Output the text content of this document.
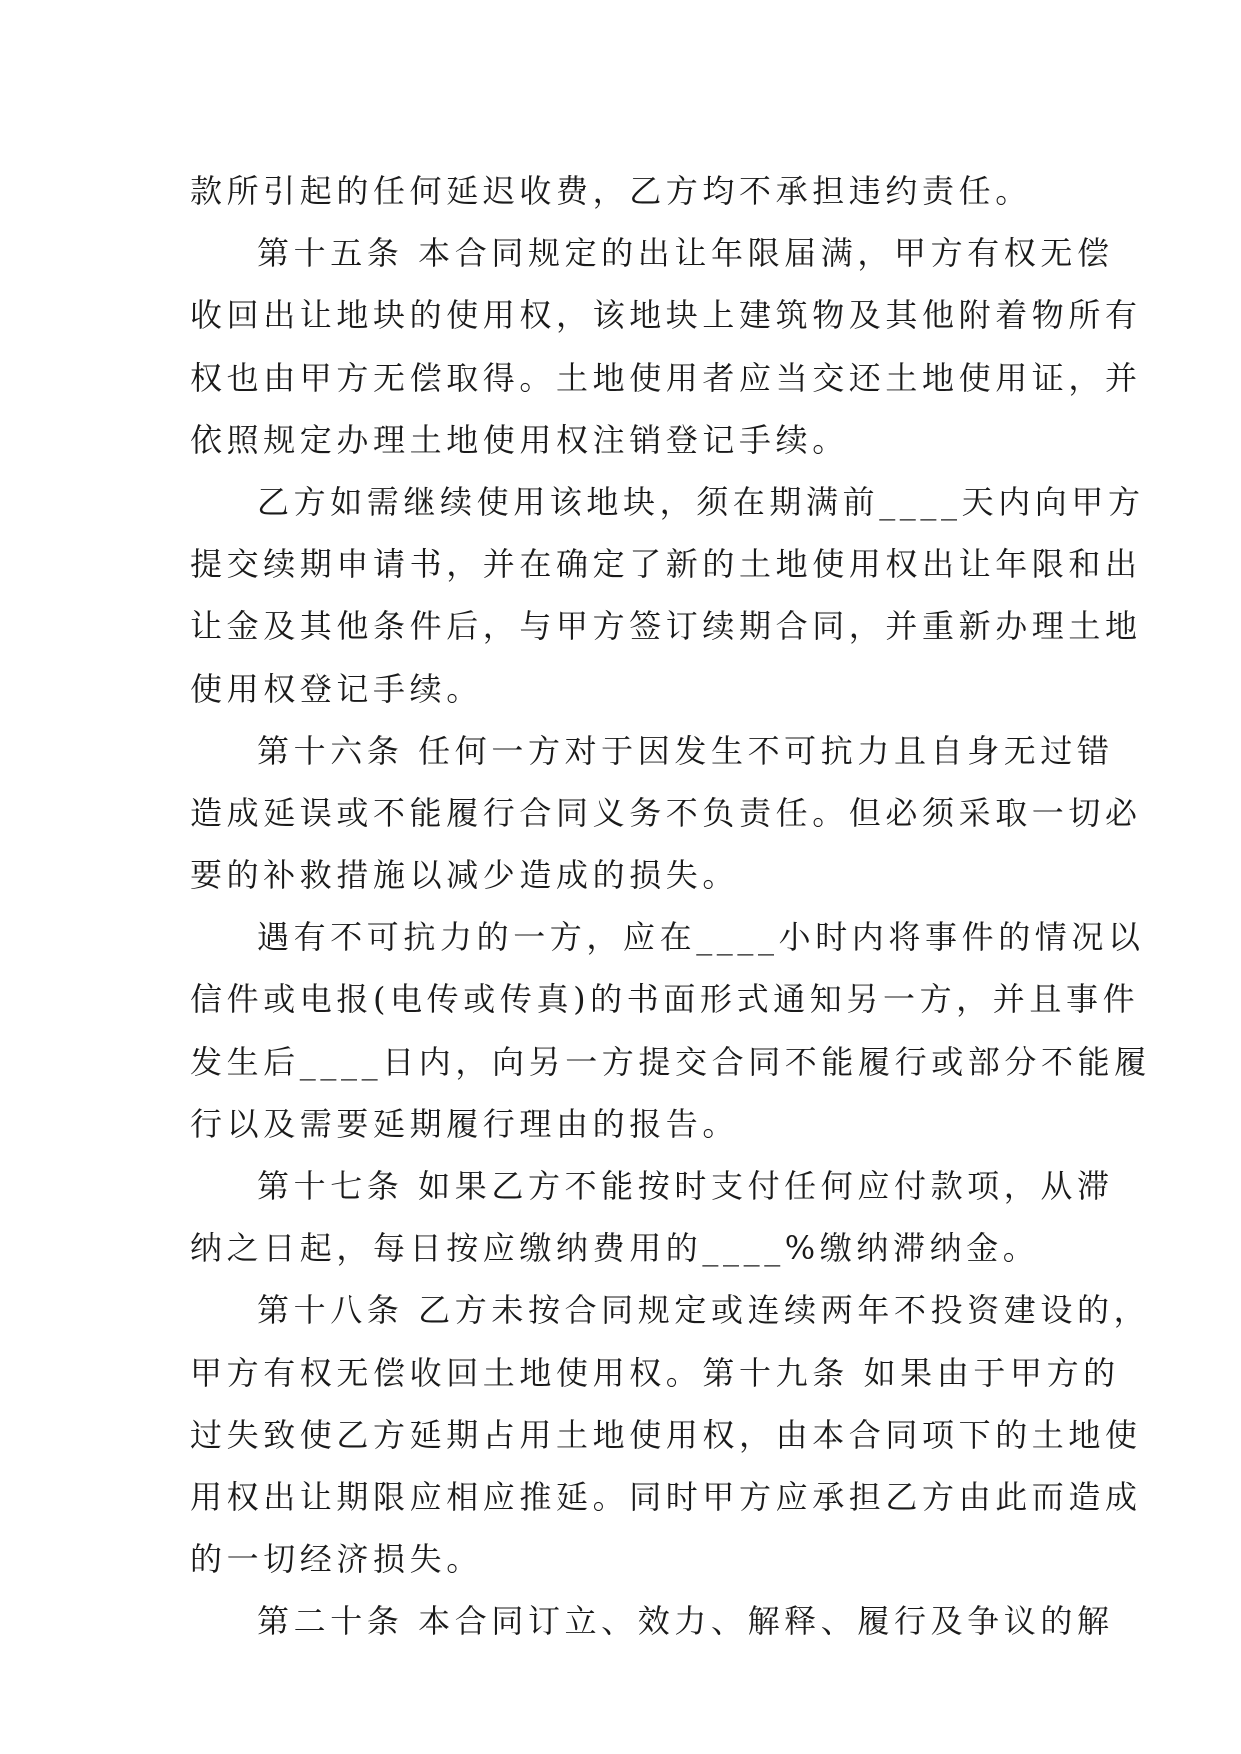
款所引起的任何延迟收费，乙方均不承担违约责任。
第十五条 本合同规定的出让年限届满，甲方有权无偿
收回出让地块的使用权，该地块上建筑物及其他附着物所有
权也由甲方无偿取得。土地使用者应当交还土地使用证，并
依照规定办理土地使用权注销登记手续。
乙方如需继续使用该地块，须在期满前____天内向甲方
提交续期申请书，并在确定了新的土地使用权出让年限和出
让金及其他条件后，与甲方签订续期合同，并重新办理土地
使用权登记手续。
第十六条 任何一方对于因发生不可抗力且自身无过错
造成延误或不能履行合同义务不负责任。但必须采取一切必
要的补救措施以减少造成的损失。
遇有不可抗力的一方，应在____小时内将事件的情况以
信件或电报(电传或传真)的书面形式通知另一方，并且事件
发生后____日内，向另一方提交合同不能履行或部分不能履
行以及需要延期履行理由的报告。
第十七条 如果乙方不能按时支付任何应付款项，从滞
纳之日起，每日按应缴纳费用的____%缴纳滞纳金。
第十八条 乙方未按合同规定或连续两年不投资建设的，
甲方有权无偿收回土地使用权。第十九条 如果由于甲方的
过失致使乙方延期占用土地使用权，由本合同项下的土地使
用权出让期限应相应推延。同时甲方应承担乙方由此而造成
的一切经济损失。
第二十条 本合同订立、效力、解释、履行及争议的解
